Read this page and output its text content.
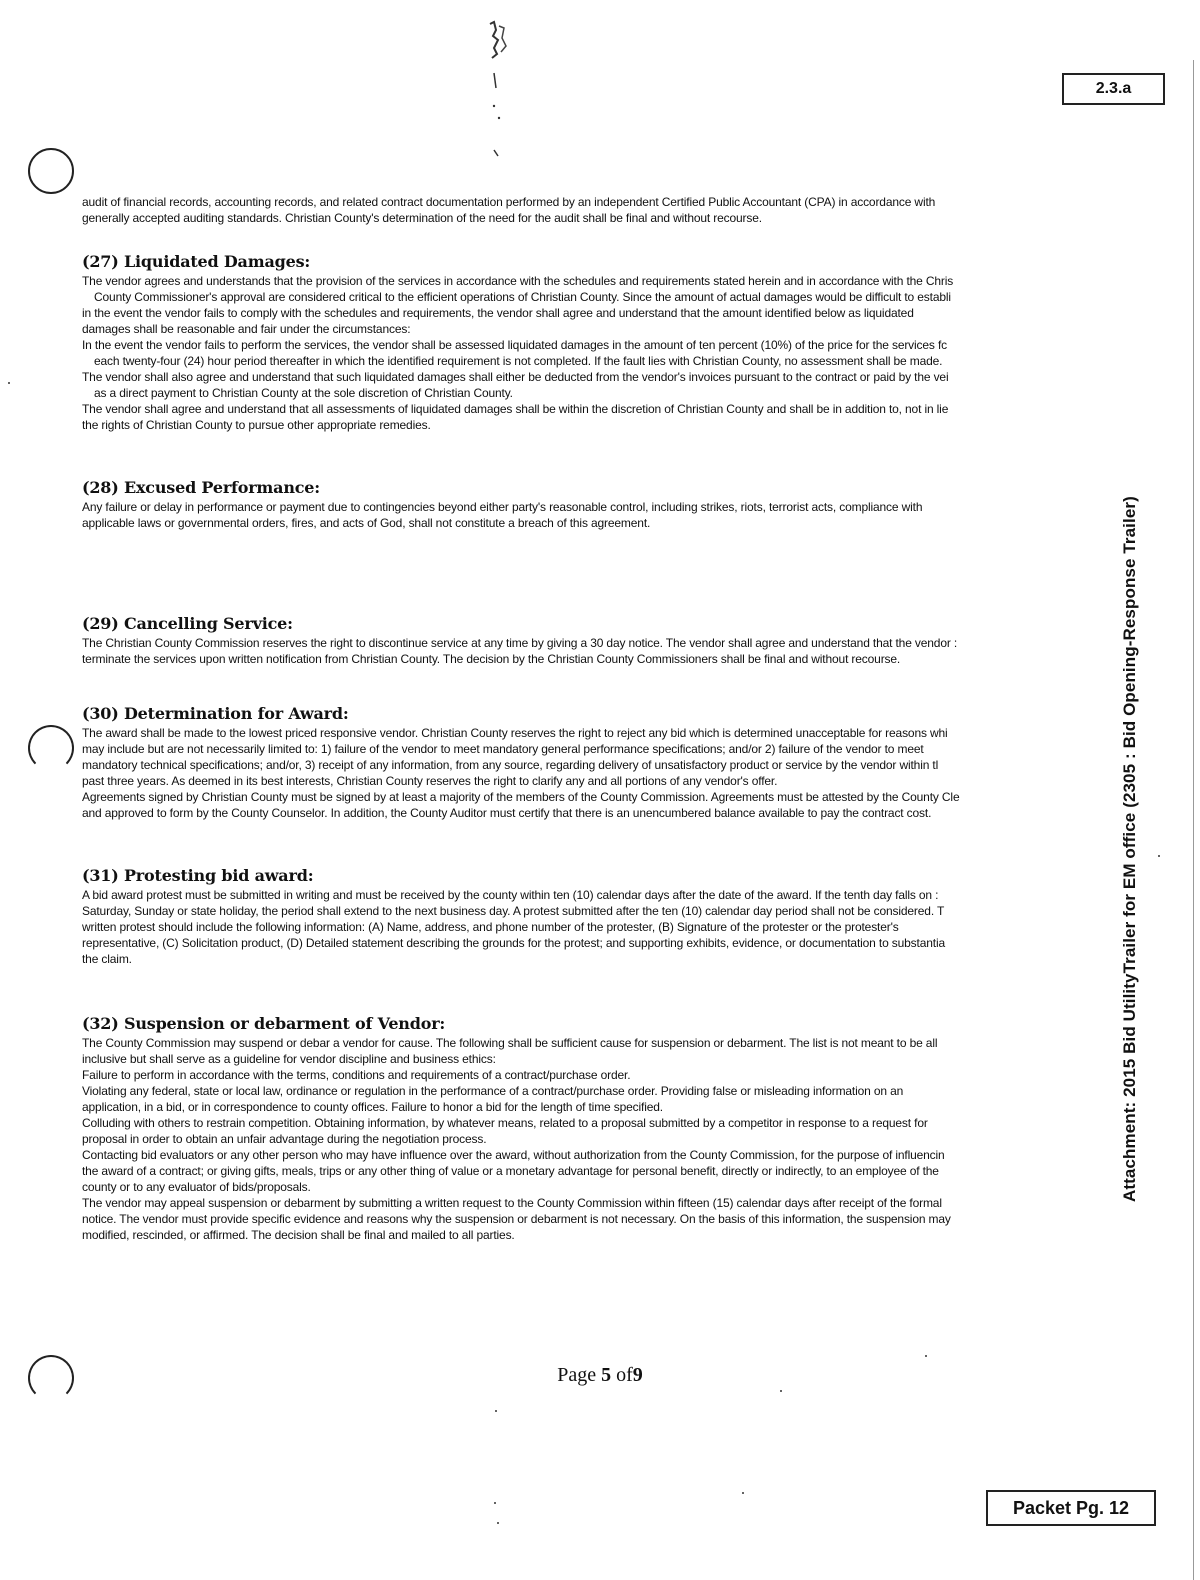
2.3.a
Attachment: 2015 Bid UtilityTrailer for EM office (2305 : Bid Opening-Response Trailer)

audit of financial records, accounting records, and related contract documentation performed by an independent Certified Public Accountant (CPA) in accordance with

generally accepted auditing standards. Christian County's determination of the need for the audit shall be final and without recourse.

(27) Liquidated Damages:

The vendor agrees and understands that the provision of the services in accordance with the schedules and requirements stated herein and in accordance with the Chris

County Commissioner's approval are considered critical to the efficient operations of Christian County. Since the amount of actual damages would be difficult to establi

in the event the vendor fails to comply with the schedules and requirements, the vendor shall agree and understand that the amount identified below as liquidated

damages shall be reasonable and fair under the circumstances:

In the event the vendor fails to perform the services, the vendor shall be assessed liquidated damages in the amount of ten percent (10%) of the price for the services fc

each twenty-four (24) hour period thereafter in which the identified requirement is not completed. If the fault lies with Christian County, no assessment shall be made.

The vendor shall also agree and understand that such liquidated damages shall either be deducted from the vendor's invoices pursuant to the contract or paid by the vei

as a direct payment to Christian County at the sole discretion of Christian County.

The vendor shall agree and understand that all assessments of liquidated damages shall be within the discretion of Christian County and shall be in addition to, not in lie

the rights of Christian County to pursue other appropriate remedies.

(28) Excused Performance:

Any failure or delay in performance or payment due to contingencies beyond either party's reasonable control, including strikes, riots, terrorist acts, compliance with

applicable laws or governmental orders, fires, and acts of God, shall not constitute a breach of this agreement.

(29) Cancelling Service:

The Christian County Commission reserves the right to discontinue service at any time by giving a 30 day notice. The vendor shall agree and understand that the vendor :

terminate the services upon written notification from Christian County. The decision by the Christian County Commissioners shall be final and without recourse.

(30) Determination for Award:

The award shall be made to the lowest priced responsive vendor. Christian County reserves the right to reject any bid which is determined unacceptable for reasons whi

may include but are not necessarily limited to: 1) failure of the vendor to meet mandatory general performance specifications; and/or 2) failure of the vendor to meet

mandatory technical specifications; and/or, 3) receipt of any information, from any source, regarding delivery of unsatisfactory product or service by the vendor within tl

past three years. As deemed in its best interests, Christian County reserves the right to clarify any and all portions of any vendor's offer.

Agreements signed by Christian County must be signed by at least a majority of the members of the County Commission. Agreements must be attested by the County Cle

and approved to form by the County Counselor. In addition, the County Auditor must certify that there is an unencumbered balance available to pay the contract cost.

(31) Protesting bid award:

A bid award protest must be submitted in writing and must be received by the county within ten (10) calendar days after the date of the award. If the tenth day falls on :

Saturday, Sunday or state holiday, the period shall extend to the next business day. A protest submitted after the ten (10) calendar day period shall not be considered. T

written protest should include the following information: (A) Name, address, and phone number of the protester, (B) Signature of the protester or the protester's

representative, (C) Solicitation product, (D) Detailed statement describing the grounds for the protest; and supporting exhibits, evidence, or documentation to substantia

the claim.

(32) Suspension or debarment of Vendor:

The County Commission may suspend or debar a vendor for cause. The following shall be sufficient cause for suspension or debarment. The list is not meant to be all

inclusive but shall serve as a guideline for vendor discipline and business ethics:

Failure to perform in accordance with the terms, conditions and requirements of a contract/purchase order.

Violating any federal, state or local law, ordinance or regulation in the performance of a contract/purchase order. Providing false or misleading information on an

application, in a bid, or in correspondence to county offices. Failure to honor a bid for the length of time specified.

Colluding with others to restrain competition. Obtaining information, by whatever means, related to a proposal submitted by a competitor in response to a request for

proposal in order to obtain an unfair advantage during the negotiation process.

Contacting bid evaluators or any other person who may have influence over the award, without authorization from the County Commission, for the purpose of influencin

the award of a contract; or giving gifts, meals, trips or any other thing of value or a monetary advantage for personal benefit, directly or indirectly, to an employee of the

county or to any evaluator of bids/proposals.

The vendor may appeal suspension or debarment by submitting a written request to the County Commission within fifteen (15) calendar days after receipt of the formal

notice. The vendor must provide specific evidence and reasons why the suspension or debarment is not necessary. On the basis of this information, the suspension may

modified, rescinded, or affirmed. The decision shall be final and mailed to all parties.

Page 5 of9
Packet Pg. 12
